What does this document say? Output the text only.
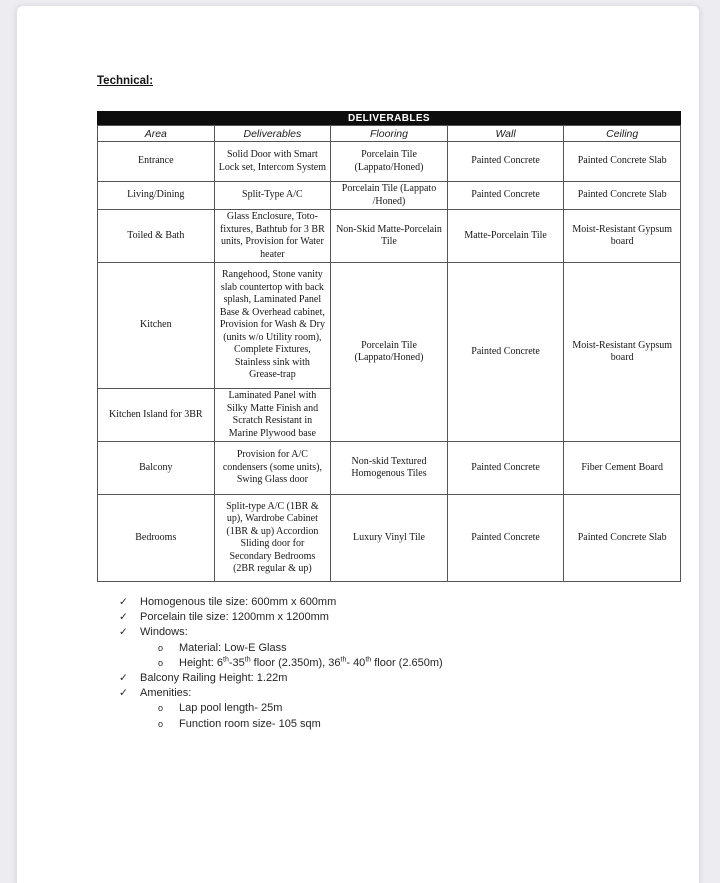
Technical:
DELIVERABLES				
Area	Deliverables	Flooring	Wall	Ceiling
Entrance	Solid Door with Smart Lock set, Intercom System	Porcelain Tile (Lappato/Honed)	Painted Concrete	Painted Concrete Slab
Living/Dining	Split-Type A/C	Porcelain Tile (Lappato /Honed)	Painted Concrete	Painted Concrete Slab
Toiled & Bath	Glass Enclosure, Toto-fixtures, Bathtub for 3 BR units, Provision for Water heater	Non-Skid Matte-Porcelain Tile	Matte-Porcelain Tile	Moist-Resistant Gypsum board
Kitchen	Rangehood, Stone vanity slab countertop with back splash, Laminated Panel Base & Overhead cabinet, Provision for Wash & Dry (units w/o Utility room), Complete Fixtures, Stainless sink with Grease-trap	Porcelain Tile (Lappato/Honed)	Painted Concrete	Moist-Resistant Gypsum board
Kitchen Island for 3BR	Laminated Panel with Silky Matte Finish and Scratch Resistant in Marine Plywood base			
Balcony	Provision for A/C condensers (some units), Swing Glass door	Non-skid Textured Homogenous Tiles	Painted Concrete	Fiber Cement Board
Bedrooms	Split-type A/C (1BR & up), Wardrobe Cabinet (1BR & up) Accordion Sliding door for Secondary Bedrooms (2BR regular & up)	Luxury Vinyl Tile	Painted Concrete	Painted Concrete Slab
✓	Homogenous tile size: 600mm x 600mm
✓	Porcelain tile size: 1200mm x 1200mm
✓	Windows:
o	Material: Low-E Glass
o	Height: 6th-35th floor (2.350m), 36th- 40th floor (2.650m)
✓	Balcony Railing Height: 1.22m
✓	Amenities:
o	Lap pool length- 25m
o	Function room size- 105 sqm
